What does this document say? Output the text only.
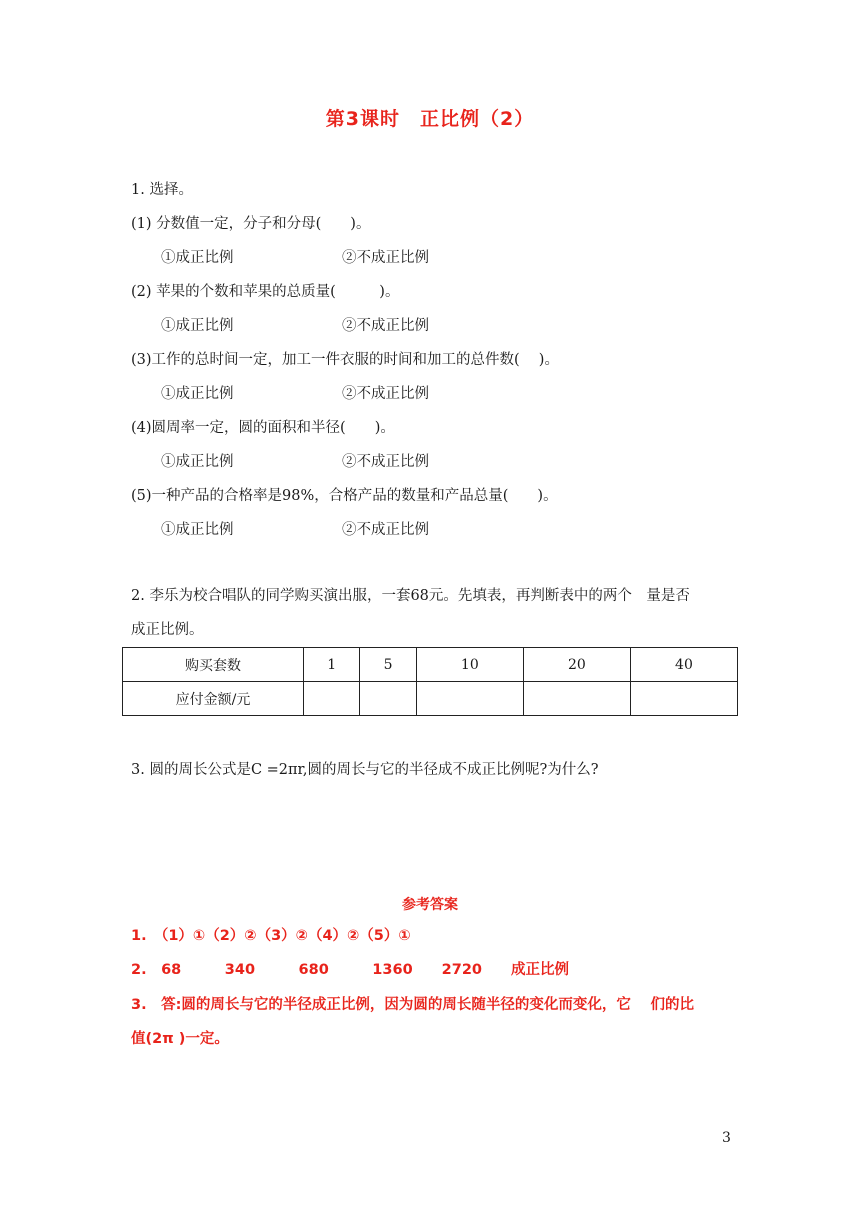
第3课时　正比例（2）
1. 选择。
(1) 分数值一定，分子和分母(　　)。
①成正比例	②不成正比例
(2) 苹果的个数和苹果的总质量(　　　)。
①成正比例	②不成正比例
(3)工作的总时间一定，加工一件衣服的时间和加工的总件数(　 )。
①成正比例	②不成正比例
(4)圆周率一定，圆的面积和半径(　　)。
①成正比例	②不成正比例
(5)一种产品的合格率是98%，合格产品的数量和产品总量(　　)。
①成正比例	②不成正比例
2. 李乐为校合唱队的同学购买演出服，一套68元。先填表，再判断表中的两个　量是否
成正比例。
购买套数	1	5	10	20	40
应付金额/元					
3. 圆的周长公式是C =2πr,圆的周长与它的半径成不成正比例呢?为什么?
参考答案
1.　（1）①（2）②（3）②（4）②（5）①
2.　68　　　340　　　680　　　1360　　2720　　成正比例
3.　答:圆的周长与它的半径成正比例，因为圆的周长随半径的变化而变化，它　 们的比
值(2π )一定。
3
